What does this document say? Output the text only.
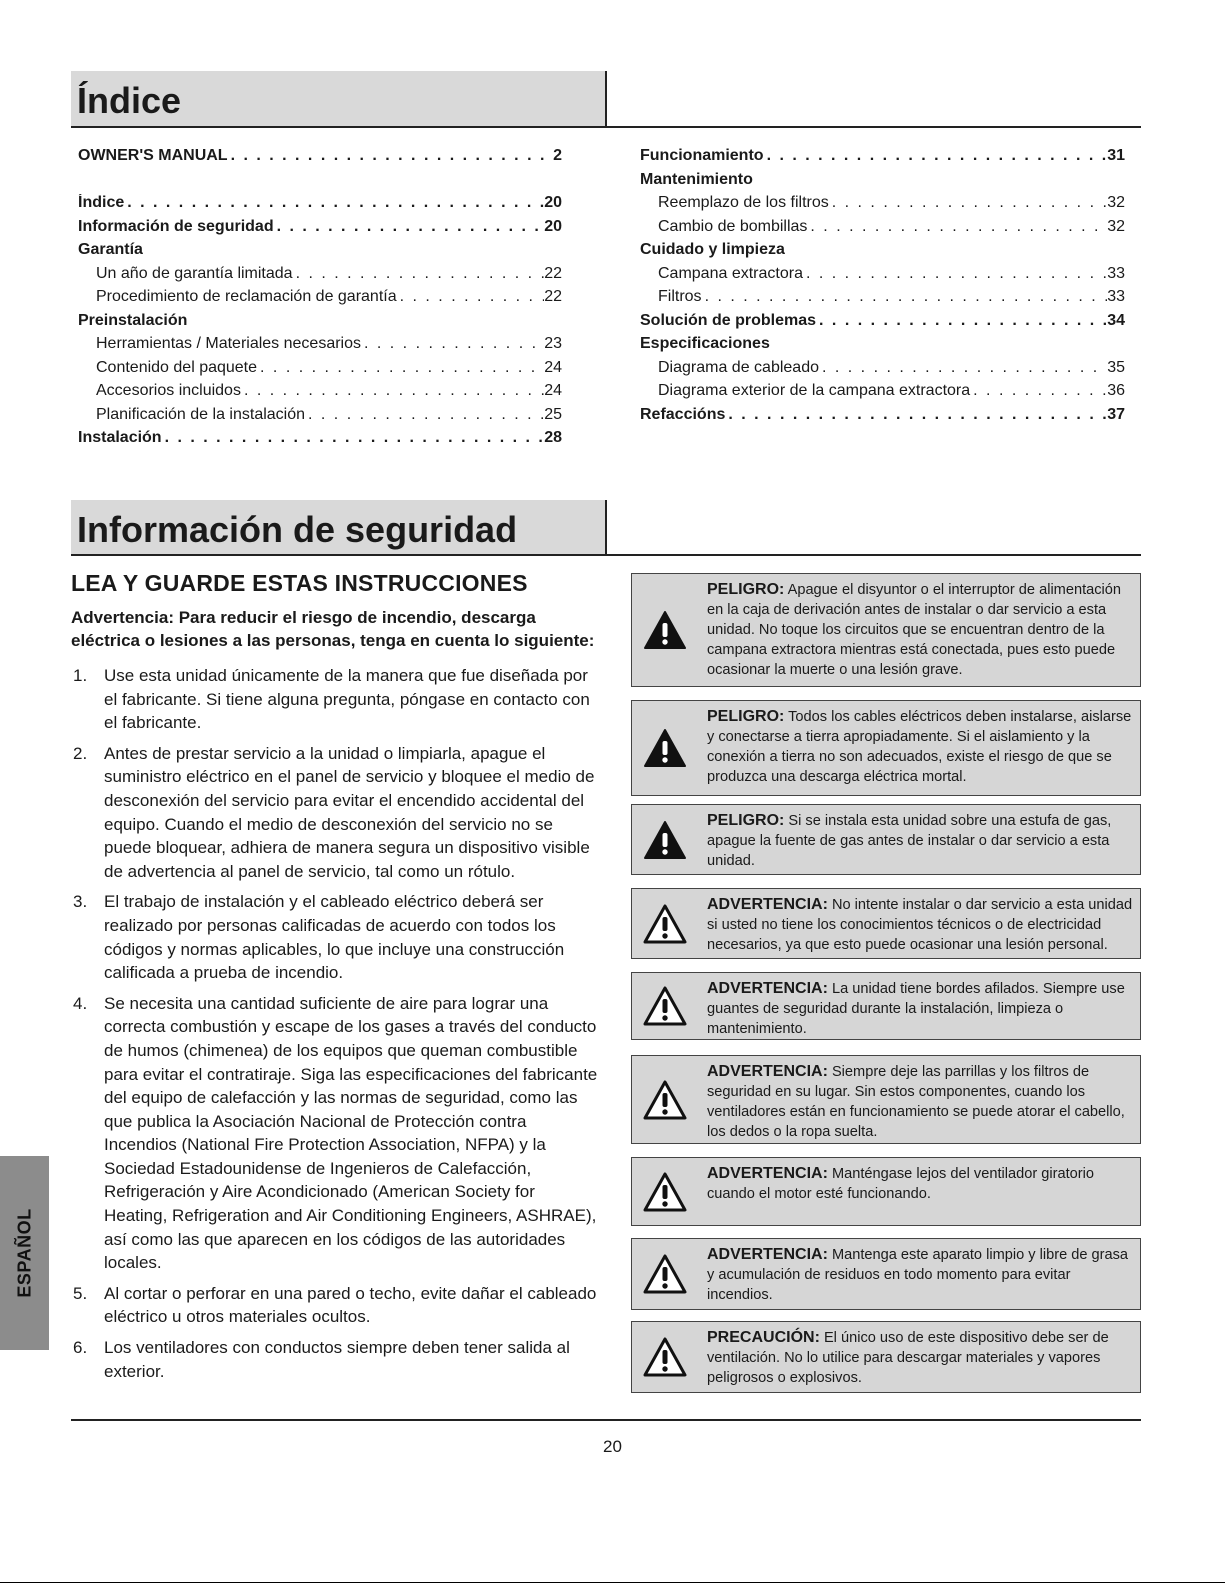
Índice
OWNER'S MANUAL . . .	2
Índice . . .	20
Información de seguridad . . .	20
Garantía
Un año de garantía limitada . . .	22
Procedimiento de reclamación de garantía . . .	22
Preinstalación
Herramientas / Materiales necesarios . . .	23
Contenido del paquete . . .	24
Accesorios incluidos . . .	24
Planificación de la instalación . . .	25
Instalación . . .	28
Funcionamiento . . .	31
Mantenimiento
Reemplazo de los filtros . . .	32
Cambio de bombillas . . .	32
Cuidado y limpieza
Campana extractora . . .	33
Filtros . . .	33
Solución de problemas . . .	34
Especificaciones
Diagrama de cableado . . .	35
Diagrama exterior de la campana extractora . . .	36
Refaccións . . .	37
Información de seguridad
LEA Y GUARDE ESTAS INSTRUCCIONES
Advertencia: Para reducir el riesgo de incendio, descarga eléctrica o lesiones a las personas, tenga en cuenta lo siguiente:
1. Use esta unidad únicamente de la manera que fue diseñada por el fabricante. Si tiene alguna pregunta, póngase en contacto con el fabricante.
2. Antes de prestar servicio a la unidad o limpiarla, apague el suministro eléctrico en el panel de servicio y bloquee el medio de desconexión del servicio para evitar el encendido accidental del equipo. Cuando el medio de desconexión del servicio no se puede bloquear, adhiera de manera segura un dispositivo visible de advertencia al panel de servicio, tal como un rótulo.
3. El trabajo de instalación y el cableado eléctrico deberá ser realizado por personas calificadas de acuerdo con todos los códigos y normas aplicables, lo que incluye una construcción calificada a prueba de incendio.
4. Se necesita una cantidad suficiente de aire para lograr una correcta combustión y escape de los gases a través del conducto de humos (chimenea) de los equipos que queman combustible para evitar el contratiraje. Siga las especificaciones del fabricante del equipo de calefacción y las normas de seguridad, como las que publica la Asociación Nacional de Protección contra Incendios (National Fire Protection Association, NFPA) y la Sociedad Estadounidense de Ingenieros de Calefacción, Refrigeración y Aire Acondicionado (American Society for Heating, Refrigeration and Air Conditioning Engineers, ASHRAE), así como las que aparecen en los códigos de las autoridades locales.
5. Al cortar o perforar en una pared o techo, evite dañar el cableado eléctrico u otros materiales ocultos.
6. Los ventiladores con conductos siempre deben tener salida al exterior.
PELIGRO: Apague el disyuntor o el interruptor de alimentación en la caja de derivación antes de instalar o dar servicio a esta unidad. No toque los circuitos que se encuentran dentro de la campana extractora mientras está conectada, pues esto puede ocasionar la muerte o una lesión grave.
PELIGRO: Todos los cables eléctricos deben instalarse, aislarse y conectarse a tierra apropiadamente. Si el aislamiento y la conexión a tierra no son adecuados, existe el riesgo de que se produzca una descarga eléctrica mortal.
PELIGRO: Si se instala esta unidad sobre una estufa de gas, apague la fuente de gas antes de instalar o dar servicio a esta unidad.
ADVERTENCIA: No intente instalar o dar servicio a esta unidad si usted no tiene los conocimientos técnicos o de electricidad necesarios, ya que esto puede ocasionar una lesión personal.
ADVERTENCIA: La unidad tiene bordes afilados. Siempre use guantes de seguridad durante la instalación, limpieza o mantenimiento.
ADVERTENCIA: Siempre deje las parrillas y los filtros de seguridad en su lugar. Sin estos componentes, cuando los ventiladores están en funcionamiento se puede atorar el cabello, los dedos o la ropa suelta.
ADVERTENCIA: Manténgase lejos del ventilador giratorio cuando el motor esté funcionando.
ADVERTENCIA: Mantenga este aparato limpio y libre de grasa y acumulación de residuos en todo momento para evitar incendios.
PRECAUCIÓN: El único uso de este dispositivo debe ser de ventilación. No lo utilice para descargar materiales y vapores peligrosos o explosivos.
20
ESPAÑOL
